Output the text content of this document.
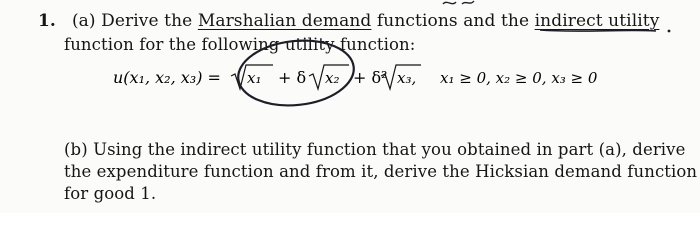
1. (a) Derive the Marshalian demand functions and the indirect utility
function for the following utility function:
u(x₁, x₂, x₃) = x₁ + δ x₂ + δ² x₃, x₁ ≥ 0, x₂ ≥ 0, x₃ ≥ 0
(b) Using the indirect utility function that you obtained in part (a), derive
the expenditure function and from it, derive the Hicksian demand function
for good 1.
